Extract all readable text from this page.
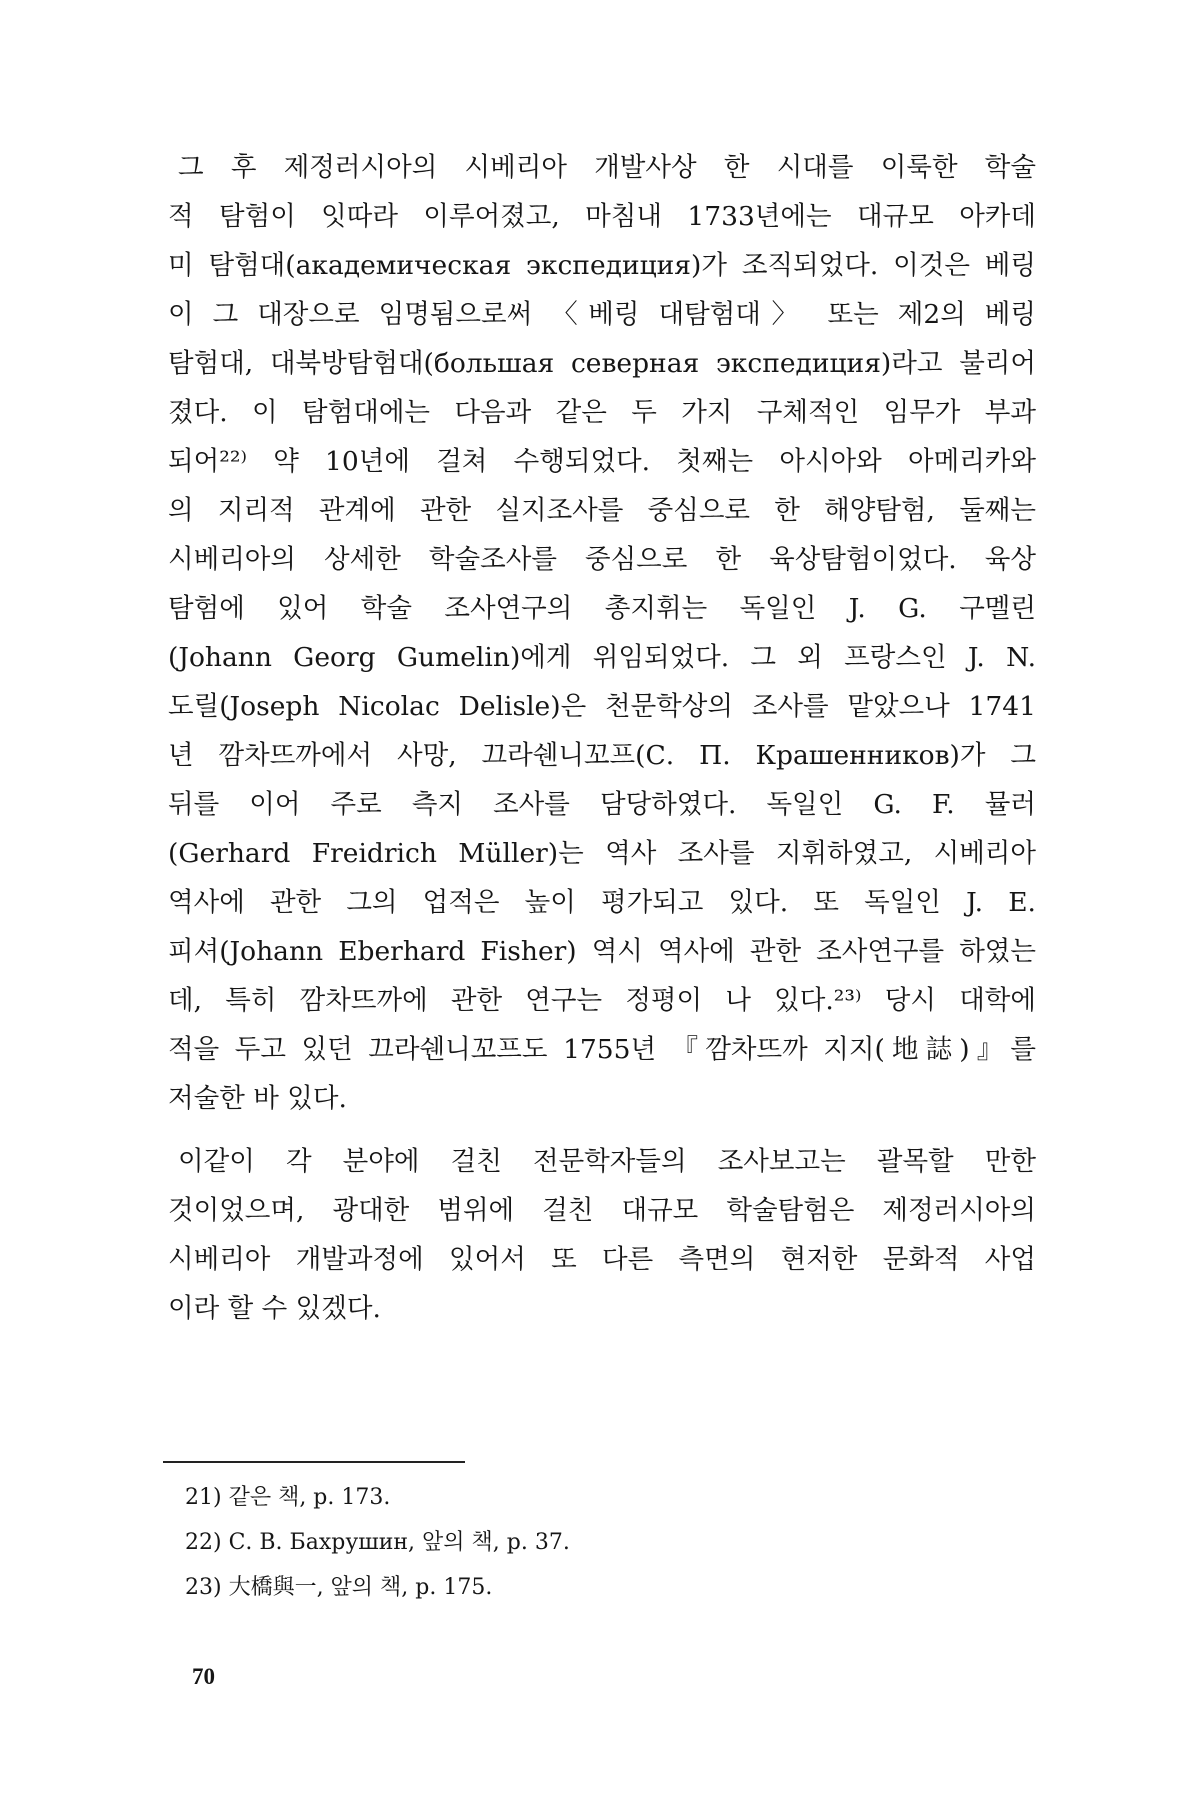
그 후 제정러시아의 시베리아 개발사상 한 시대를 이룩한 학술
적 탐험이 잇따라 이루어졌고, 마침내 1733년에는 대규모 아카데
미 탐험대(академическая экспедиция)가 조직되었다. 이것은 베링
이 그 대장으로 임명됨으로써 〈베링 대탐험대〉 또는 제2의 베링
탐험대, 대북방탐험대(большая северная экспедиция)라고 불리어
졌다. 이 탐험대에는 다음과 같은 두 가지 구체적인 임무가 부과
되어²²⁾ 약 10년에 걸쳐 수행되었다. 첫째는 아시아와 아메리카와
의 지리적 관계에 관한 실지조사를 중심으로 한 해양탐험, 둘째는
시베리아의 상세한 학술조사를 중심으로 한 육상탐험이었다. 육상
탐험에 있어 학술 조사연구의 총지휘는 독일인 J. G. 구멜린
(Johann Georg Gumelin)에게 위임되었다. 그 외 프랑스인 J. N.
도릴(Joseph Nicolac Delisle)은 천문학상의 조사를 맡았으나 1741
년 깜차뜨까에서 사망, 끄라쉔니꼬프(С. П. Крашенников)가 그
뒤를 이어 주로 측지 조사를 담당하였다. 독일인 G. F. 뮬러
(Gerhard Freidrich Müller)는 역사 조사를 지휘하였고, 시베리아
역사에 관한 그의 업적은 높이 평가되고 있다. 또 독일인 J. E.
피셔(Johann Eberhard Fisher) 역시 역사에 관한 조사연구를 하였는
데, 특히 깜차뜨까에 관한 연구는 정평이 나 있다.²³⁾ 당시 대학에
적을 두고 있던 끄라쉔니꼬프도 1755년 『깜차뜨까 지지(地誌)』를
저술한 바 있다.
이같이 각 분야에 걸친 전문학자들의 조사보고는 괄목할 만한
것이었으며, 광대한 범위에 걸친 대규모 학술탐험은 제정러시아의
시베리아 개발과정에 있어서 또 다른 측면의 현저한 문화적 사업
이라 할 수 있겠다.
21) 같은 책, p. 173.
22) С. В. Бахрушин, 앞의 책, p. 37.
23) 大橋與一, 앞의 책, p. 175.
70
